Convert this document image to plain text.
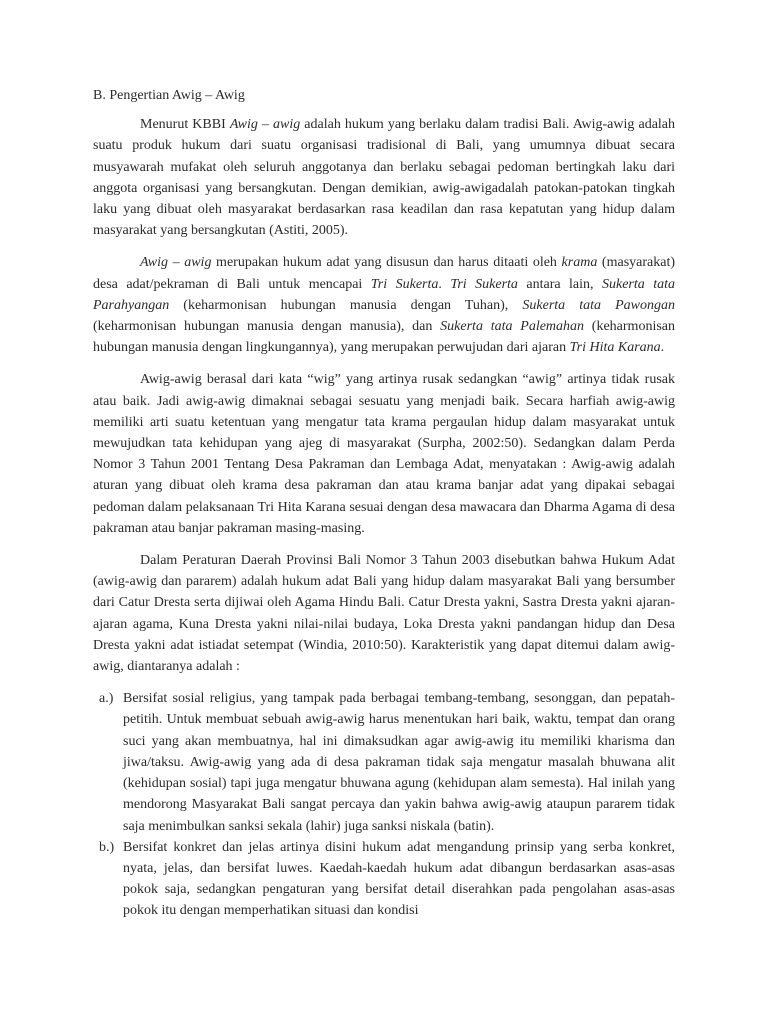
B. Pengertian Awig – Awig

Menurut KBBI Awig – awig adalah hukum yang berlaku dalam tradisi Bali. Awig-awig adalah suatu produk hukum dari suatu organisasi tradisional di Bali, yang umumnya dibuat secara musyawarah mufakat oleh seluruh anggotanya dan berlaku sebagai pedoman bertingkah laku dari anggota organisasi yang bersangkutan. Dengan demikian, awig-awigadalah patokan-patokan tingkah laku yang dibuat oleh masyarakat berdasarkan rasa keadilan dan rasa kepatutan yang hidup dalam masyarakat yang bersangkutan (Astiti, 2005).

Awig – awig merupakan hukum adat yang disusun dan harus ditaati oleh krama (masyarakat) desa adat/pekraman di Bali untuk mencapai Tri Sukerta. Tri Sukerta antara lain, Sukerta tata Parahyangan (keharmonisan hubungan manusia dengan Tuhan), Sukerta tata Pawongan (keharmonisan hubungan manusia dengan manusia), dan Sukerta tata Palemahan (keharmonisan hubungan manusia dengan lingkungannya), yang merupakan perwujudan dari ajaran Tri Hita Karana.

Awig-awig berasal dari kata “wig” yang artinya rusak sedangkan “awig” artinya tidak rusak atau baik. Jadi awig-awig dimaknai sebagai sesuatu yang menjadi baik. Secara harfiah awig-awig memiliki arti suatu ketentuan yang mengatur tata krama pergaulan hidup dalam masyarakat untuk mewujudkan tata kehidupan yang ajeg di masyarakat (Surpha, 2002:50). Sedangkan dalam Perda Nomor 3 Tahun 2001 Tentang Desa Pakraman dan Lembaga Adat, menyatakan : Awig-awig adalah aturan yang dibuat oleh krama desa pakraman dan atau krama banjar adat yang dipakai sebagai pedoman dalam pelaksanaan Tri Hita Karana sesuai dengan desa mawacara dan Dharma Agama di desa pakraman atau banjar pakraman masing-masing.

Dalam Peraturan Daerah Provinsi Bali Nomor 3 Tahun 2003 disebutkan bahwa Hukum Adat (awig-awig dan pararem) adalah hukum adat Bali yang hidup dalam masyarakat Bali yang bersumber dari Catur Dresta serta dijiwai oleh Agama Hindu Bali. Catur Dresta yakni, Sastra Dresta yakni ajaran-ajaran agama, Kuna Dresta yakni nilai-nilai budaya, Loka Dresta yakni pandangan hidup dan Desa Dresta yakni adat istiadat setempat (Windia, 2010:50). Karakteristik yang dapat ditemui dalam awig-awig, diantaranya adalah :

a.) Bersifat sosial religius, yang tampak pada berbagai tembang-tembang, sesonggan, dan pepatah-petitih. Untuk membuat sebuah awig-awig harus menentukan hari baik, waktu, tempat dan orang suci yang akan membuatnya, hal ini dimaksudkan agar awig-awig itu memiliki kharisma dan jiwa/taksu. Awig-awig yang ada di desa pakraman tidak saja mengatur masalah bhuwana alit (kehidupan sosial) tapi juga mengatur bhuwana agung (kehidupan alam semesta). Hal inilah yang mendorong Masyarakat Bali sangat percaya dan yakin bahwa awig-awig ataupun pararem tidak saja menimbulkan sanksi sekala (lahir) juga sanksi niskala (batin).
b.) Bersifat konkret dan jelas artinya disini hukum adat mengandung prinsip yang serba konkret, nyata, jelas, dan bersifat luwes. Kaedah-kaedah hukum adat dibangun berdasarkan asas-asas pokok saja, sedangkan pengaturan yang bersifat detail diserahkan pada pengolahan asas-asas pokok itu dengan memperhatikan situasi dan kondisi
